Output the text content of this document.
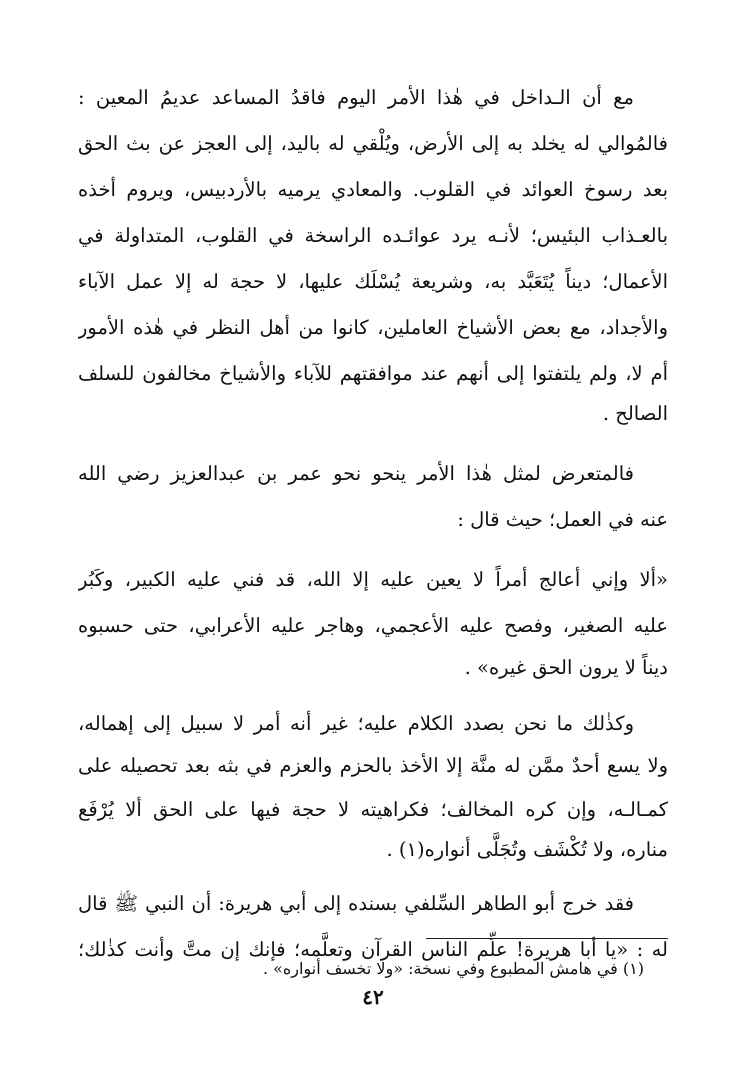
مع أن الـداخل في هٰذا الأمر اليوم فاقدُ المساعد عديمُ المعين :
فالمُوالي له يخلد به إلى الأرض، ويُلْقي له باليد، إلى العجز عن بث الحق
بعد رسوخ العوائد في القلوب. والمعادي يرميه بالأردبيس، ويروم أخذه
بالعـذاب البئيس؛ لأنـه يرد عوائـده الراسخة في القلوب، المتداولة في
الأعمال؛ ديناً يُتَعَبَّد به، وشريعة يُسْلَك عليها، لا حجة له إلا عمل الآباء
والأجداد، مع بعض الأشياخ العاملين، كانوا من أهل النظر في هٰذه الأمور
أم لا، ولم يلتفتوا إلى أنهم عند موافقتهم للآباء والأشياخ مخالفون للسلف
الصالح .
فالمتعرض لمثل هٰذا الأمر ينحو نحو عمر بن عبدالعزيز رضي الله
عنه في العمل؛ حيث قال :
«ألا وإني أعالج أمراً لا يعين عليه إلا الله، قد فني عليه الكبير، وكَبُر
عليه الصغير، وفصح عليه الأعجمي، وهاجر عليه الأعرابي، حتى حسبوه
ديناً لا يرون الحق غيره» .
وكذٰلك ما نحن بصدد الكلام عليه؛ غير أنه أمر لا سبيل إلى إهماله،
ولا يسع أحدٌ ممَّن له منَّة إلا الأخذ بالحزم والعزم في بثه بعد تحصيله على
كمـالـه، وإن كره المخالف؛ فكراهيته لا حجة فيها على الحق ألا يُرْفَع
مناره، ولا تُكْشَف وتُجَلَّى أنواره(١) .
فقد خرج أبو الطاهر السِّلفي بسنده إلى أبي هريرة: أن النبي ﷺ قال
له : «يا أبا هريرة! علِّم الناس القرآن وتعلَّمه؛ فإنك إن متَّ وأنت كذٰلك؛
(١) في هامش المطبوع وفي نسخة: «ولا تخسف أنواره» .
٤٢
